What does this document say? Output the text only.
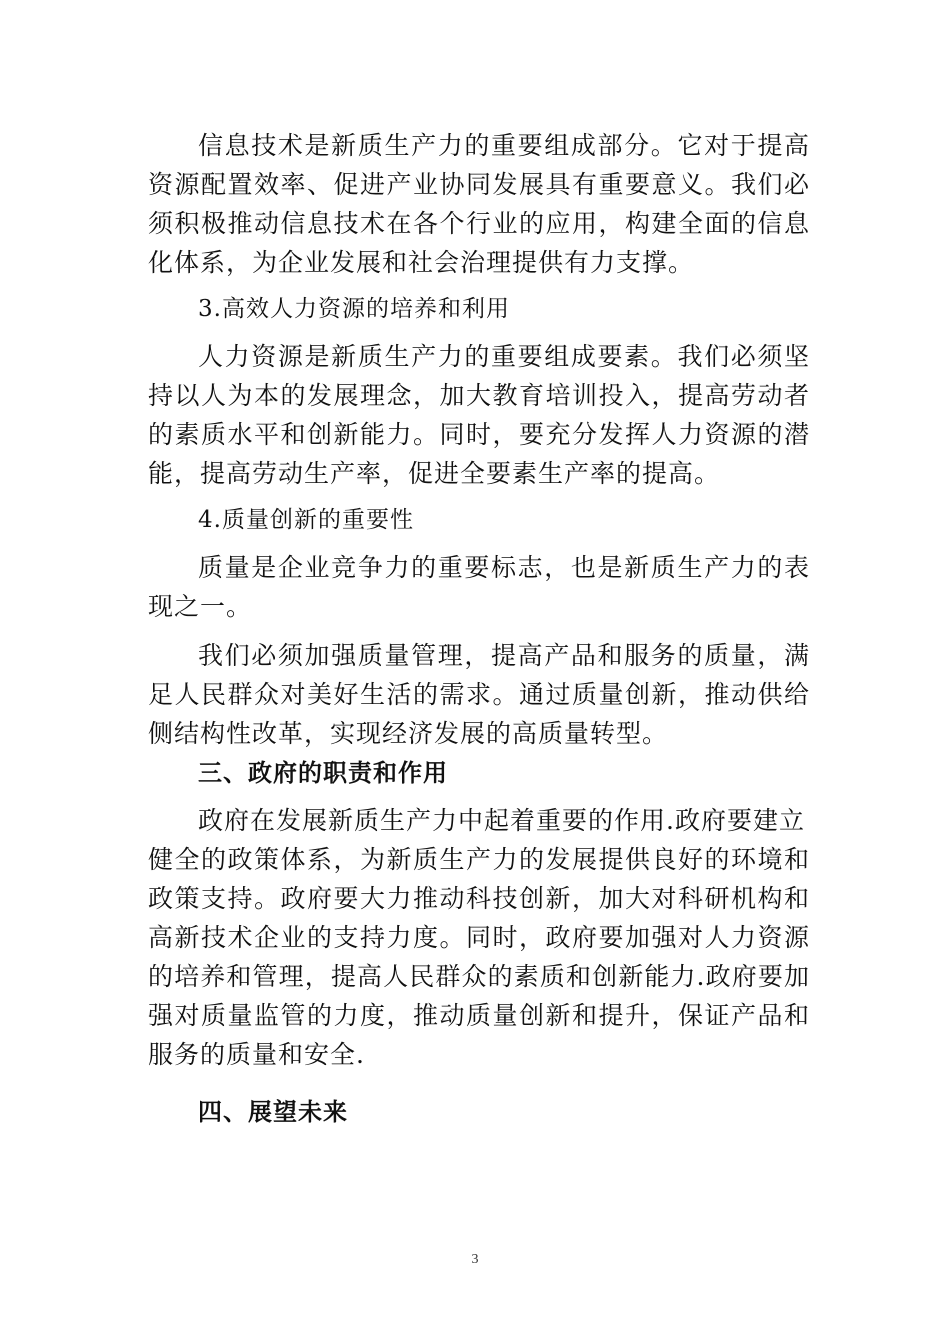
信息技术是新质生产力的重要组成部分。它对于提高资源配置效率、促进产业协同发展具有重要意义。我们必须积极推动信息技术在各个行业的应用，构建全面的信息化体系，为企业发展和社会治理提供有力支撑。

3.高效人力资源的培养和利用

人力资源是新质生产力的重要组成要素。我们必须坚持以人为本的发展理念，加大教育培训投入，提高劳动者的素质水平和创新能力。同时，要充分发挥人力资源的潜能，提高劳动生产率，促进全要素生产率的提高。

4.质量创新的重要性

质量是企业竞争力的重要标志，也是新质生产力的表现之一。

我们必须加强质量管理，提高产品和服务的质量，满足人民群众对美好生活的需求。通过质量创新，推动供给侧结构性改革，实现经济发展的高质量转型。

三、政府的职责和作用

政府在发展新质生产力中起着重要的作用.政府要建立

健全的政策体系，为新质生产力的发展提供良好的环境和政策支持。政府要大力推动科技创新，加大对科研机构和高新技术企业的支持力度。同时，政府要加强对人力资源的培养和管理，提高人民群众的素质和创新能力.政府要加强对质量监管的力度，推动质量创新和提升，保证产品和服务的质量和安全.

四、展望未来
3
